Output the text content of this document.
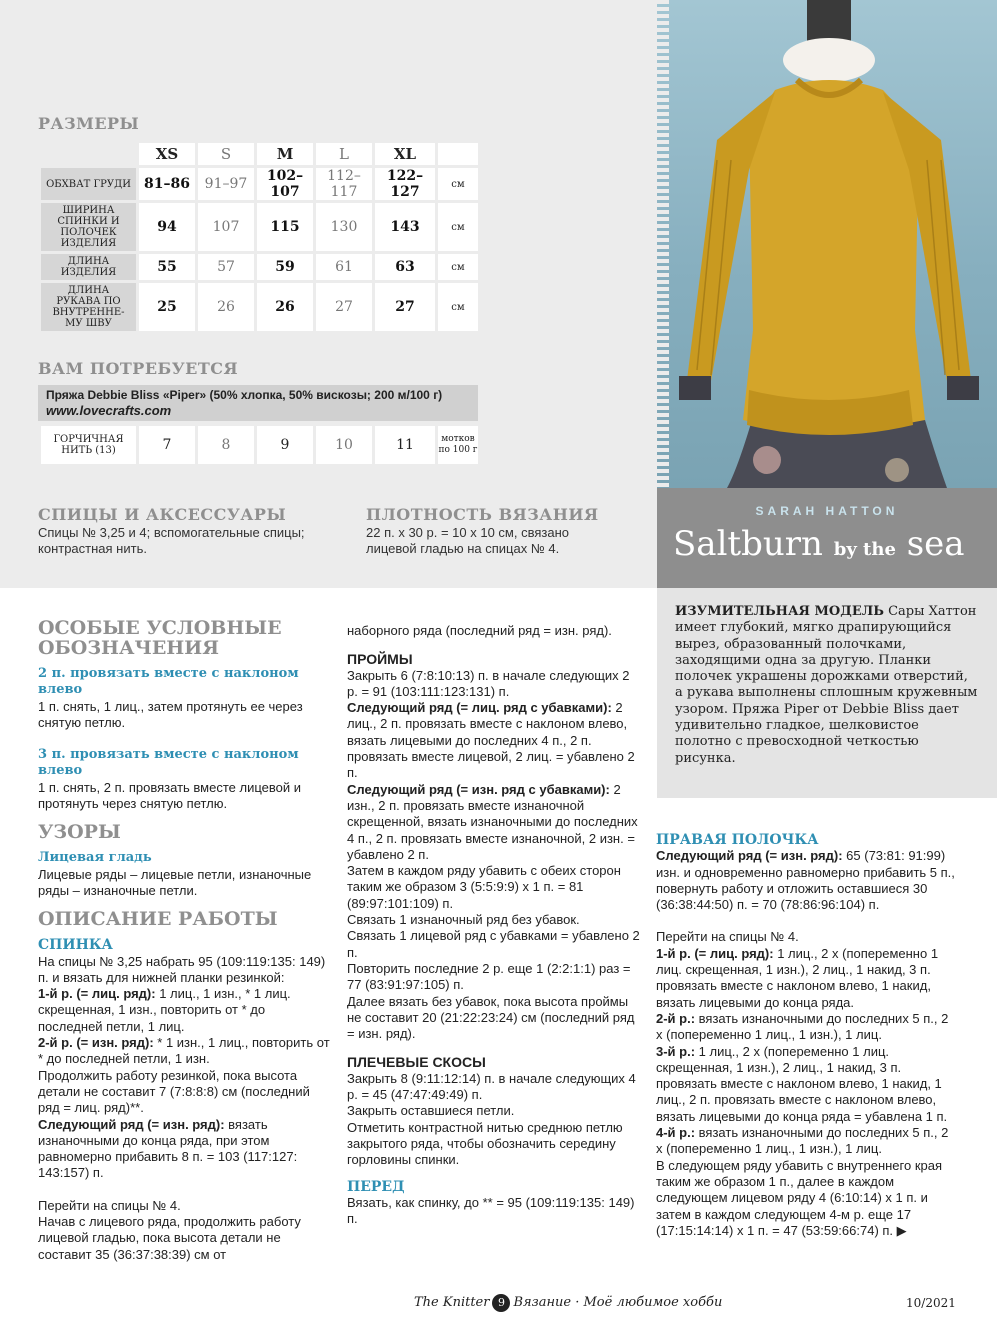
SARAH HATTON
Saltburn by the sea
РАЗМЕРЫ
	XS	S	M	L	XL	
ОБХВАТ ГРУДИ	81–86	91–97	102–107	112–117	122–127	см
ШИРИНА СПИНКИ И ПОЛОЧЕК ИЗДЕЛИЯ	94	107	115	130	143	см
ДЛИНА ИЗДЕЛИЯ	55	57	59	61	63	см
ДЛИНА РУКАВА ПО ВНУТРЕННЕ-МУ ШВУ	25	26	26	27	27	см
ВАМ ПОТРЕБУЕТСЯ
Пряжа Debbie Bliss «Piper» (50% хлопка, 50% вискозы; 200 м/100 г)
www.lovecrafts.com
ГОРЧИЧНАЯ НИТЬ (13)	7	8	9	10	11	мотков по 100 г
СПИЦЫ И АКСЕССУАРЫ
Спицы № 3,25 и 4; вспомогательные спицы; контрастная нить.
ПЛОТНОСТЬ ВЯЗАНИЯ
22 п. х 30 р. = 10 х 10 см, связано лицевой гладью на спицах № 4.
ОСОБЫЕ УСЛОВНЫЕ ОБОЗНАЧЕНИЯ
2 п. провязать вместе с наклоном влево

1 п. снять, 1 лиц., затем протянуть ее через снятую петлю.

3 п. провязать вместе с наклоном влево

1 п. снять, 2 п. провязать вместе лицевой и протянуть через снятую петлю.

УЗОРЫ
Лицевая гладь

Лицевые ряды – лицевые петли, изнаночные ряды – изнаночные петли.

ОПИСАНИЕ РАБОТЫ
СПИНКА

На спицы № 3,25 набрать 95 (109:119:135: 149) п. и вязать для нижней планки резинкой:

1-й р. (= лиц. ряд): 1 лиц., 1 изн., * 1 лиц. скрещенная, 1 изн., повторить от * до последней петли, 1 лиц.

2-й р. (= изн. ряд): * 1 изн., 1 лиц., повторить от * до последней петли, 1 изн.

Продолжить работу резинкой, пока высота детали не составит 7 (7:8:8:8) см (последний ряд = лиц. ряд)**.

Следующий ряд (= изн. ряд): вязать изнаночными до конца ряда, при этом равномерно прибавить 8 п. = 103 (117:127: 143:157) п.

Перейти на спицы № 4.

Начав с лицевого ряда, продолжить работу лицевой гладью, пока высота детали не составит 35 (36:37:38:39) см от

наборного ряда (последний ряд = изн. ряд).

ПРОЙМЫ

Закрыть 6 (7:8:10:13) п. в начале следующих 2 р. = 91 (103:111:123:131) п.

Следующий ряд (= лиц. ряд с убавками): 2 лиц., 2 п. провязать вместе с наклоном влево, вязать лицевыми до последних 4 п., 2 п. провязать вместе лицевой, 2 лиц. = убавлено 2 п.

Следующий ряд (= изн. ряд с убавками): 2 изн., 2 п. провязать вместе изнаночной скрещенной, вязать изнаночными до последних 4 п., 2 п. провязать вместе изнаночной, 2 изн. = убавлено 2 п.

Затем в каждом ряду убавить с обеих сторон таким же образом 3 (5:5:9:9) х 1 п. = 81 (89:97:101:109) п.

Связать 1 изнаночный ряд без убавок.

Связать 1 лицевой ряд с убавками = убавлено 2 п.

Повторить последние 2 р. еще 1 (2:2:1:1) раз = 77 (83:91:97:105) п.

Далее вязать без убавок, пока высота проймы не составит 20 (21:22:23:24) см (последний ряд = изн. ряд).

ПЛЕЧЕВЫЕ СКОСЫ

Закрыть 8 (9:11:12:14) п. в начале следующих 4 р. = 45 (47:47:49:49) п.

Закрыть оставшиеся петли.

Отметить контрастной нитью среднюю петлю закрытого ряда, чтобы обозначить середину горловины спинки.

ПЕРЕД

Вязать, как спинку, до ** = 95 (109:119:135: 149) п.

ИЗУМИТЕЛЬНАЯ МОДЕЛЬ Сары Хаттон имеет глубокий, мягко драпирующийся вырез, образованный полочками, заходящими одна за другую. Планки полочек украшены дорожками отверстий, а рукава выполнены сплошным кружевным узором. Пряжа Piper от Debbie Bliss дает удивительно гладкое, шелковистое полотно с превосходной четкостью рисунка.
ПРАВАЯ ПОЛОЧКА

Следующий ряд (= изн. ряд): 65 (73:81: 91:99) изн. и одновременно равномерно прибавить 5 п., повернуть работу и отложить оставшиеся 30 (36:38:44:50) п. = 70 (78:86:96:104) п.

Перейти на спицы № 4.

1-й р. (= лиц. ряд): 1 лиц., 2 х (попеременно 1 лиц. скрещенная, 1 изн.), 2 лиц., 1 накид, 3 п. провязать вместе с наклоном влево, 1 накид, вязать лицевыми до конца ряда.

2-й р.: вязать изнаночными до последних 5 п., 2 х (попеременно 1 лиц., 1 изн.), 1 лиц.

3-й р.: 1 лиц., 2 х (попеременно 1 лиц. скрещенная, 1 изн.), 2 лиц., 1 накид, 3 п. провязать вместе с наклоном влево, 1 накид, 1 лиц., 2 п. провязать вместе с наклоном влево, вязать лицевыми до конца ряда = убавлена 1 п.

4-й р.: вязать изнаночными до последних 5 п., 2 х (попеременно 1 лиц., 1 изн.), 1 лиц.

В следующем ряду убавить с внутреннего края таким же образом 1 п., далее в каждом следующем лицевом ряду 4 (6:10:14) х 1 п. и затем в каждом следующем 4-м р. еще 17 (17:15:14:14) х 1 п. = 47 (53:59:66:74) п. ▶

The Knitter 9 Вязание · Моё любимое хобби	10/2021
